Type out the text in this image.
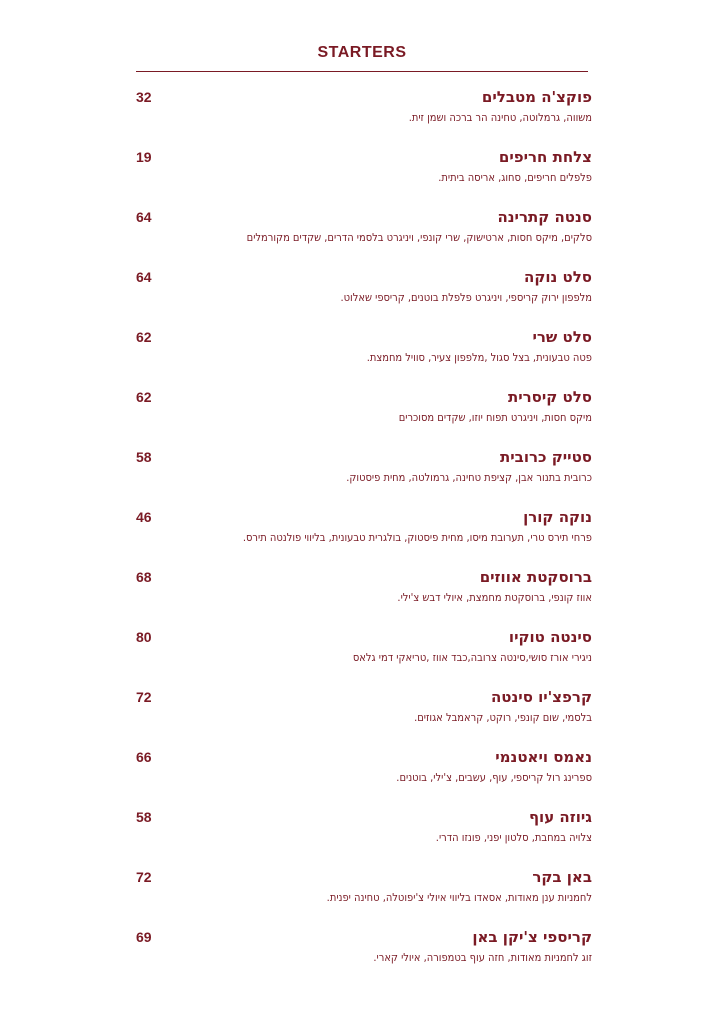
STARTERS
32	פוקצ'ה מטבלים
משווה, גרמלוטה, טחינה הר ברכה ושמן זית.
19	צלחת חריפים
פלפלים חריפים, סחוג, אריסה ביתית.
64	סנטה קתרינה
סלקים, מיקס חסות, ארטישוק, שרי קונפי, ויניגרט בלסמי הדרים, שקדים מקורמלים
64	סלט נוקה
מלפפון ירוק קריספי, ויניגרט פלפלת בוטנים, קריספי שאלוט.
62	סלט שרי
פטה טבעונית, בצל סגול ,מלפפון צעיר, סוויל מחמצת.
62	סלט קיסרית
מיקס חסות, ויניגרט תפוח יוזו, שקדים מסוכרים
58	סטייק כרובית
כרובית בתנור אבן, קציפת טחינה, גרמולטה, מחית פיסטוק.
46	נוקה קורן
פרחי תירס טרי, תערובת מיסו, מחית פיסטוק, בולגרית טבעונית, בליווי פולנטה תירס.
68	ברוסקטת אווזים
אווז קונפי, ברוסקטת מחמצת, איולי דבש צ'ילי.
80	סינטה טוקיו
ניגירי אורז סושי,סינטה צרובה,כבד אווז ,טריאקי דמי גלאס
72	קרפצ'יו סינטה
בלסמי, שום קונפי, רוקט, קראמבל אגוזים.
66	נאמס ויאטנמי
ספרינג רול קריספי, עוף, עשבים, צ'ילי, בוטנים.
58	גיוזה עוף
צלויה במחבת, סלטון יפני, פונזו הדרי.
72	באן בקר
לחמניות ענן מאודות, אסאדו בליווי איולי צ'יפוטלה, טחינה יפנית.
69	קריספי צ'יקן באן
זוג לחמניות מאודות, חזה עוף בטמפורה, איולי קארי.
